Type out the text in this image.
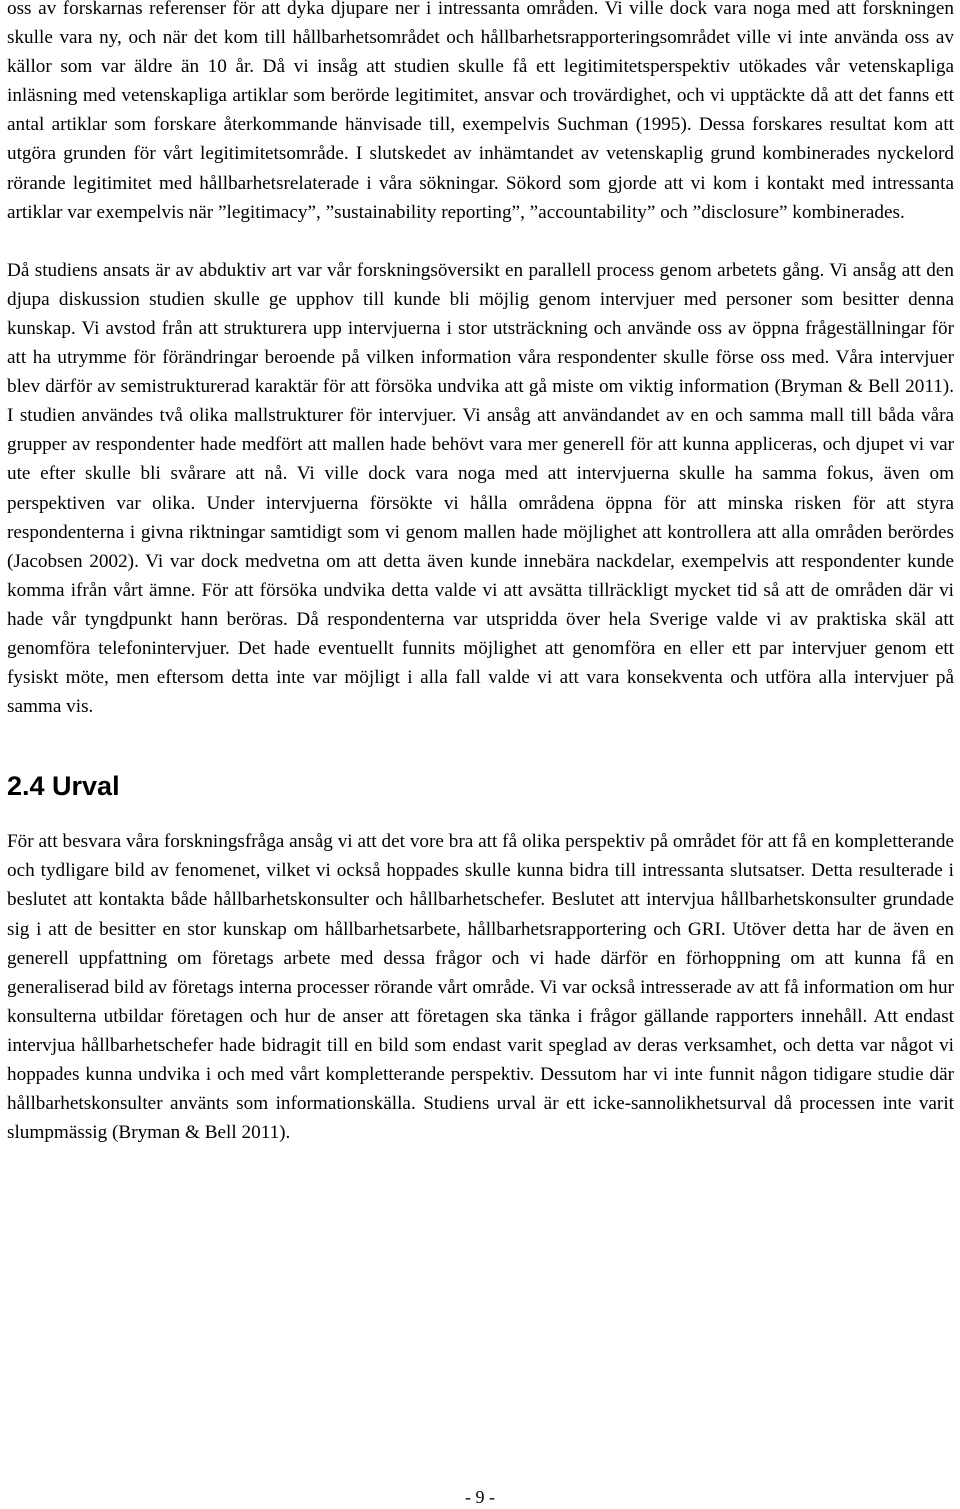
oss av forskarnas referenser för att dyka djupare ner i intressanta områden. Vi ville dock vara noga med att forskningen skulle vara ny, och när det kom till hållbarhetsområdet och hållbarhetsrapporteringsområdet ville vi inte använda oss av källor som var äldre än 10 år. Då vi insåg att studien skulle få ett legitimitetsperspektiv utökades vår vetenskapliga inläsning med vetenskapliga artiklar som berörde legitimitet, ansvar och trovärdighet, och vi upptäckte då att det fanns ett antal artiklar som forskare återkommande hänvisade till, exempelvis Suchman (1995). Dessa forskares resultat kom att utgöra grunden för vårt legitimitetsområde. I slutskedet av inhämtandet av vetenskaplig grund kombinerades nyckelord rörande legitimitet med hållbarhetsrelaterade i våra sökningar. Sökord som gjorde att vi kom i kontakt med intressanta artiklar var exempelvis när ”legitimacy”, ”sustainability reporting”, ”accountability” och ”disclosure” kombinerades.

Då studiens ansats är av abduktiv art var vår forskningsöversikt en parallell process genom arbetets gång. Vi ansåg att den djupa diskussion studien skulle ge upphov till kunde bli möjlig genom intervjuer med personer som besitter denna kunskap. Vi avstod från att strukturera upp intervjuerna i stor utsträckning och använde oss av öppna frågeställningar för att ha utrymme för förändringar beroende på vilken information våra respondenter skulle förse oss med. Våra intervjuer blev därför av semistrukturerad karaktär för att försöka undvika att gå miste om viktig information (Bryman & Bell 2011). I studien användes två olika mallstrukturer för intervjuer. Vi ansåg att användandet av en och samma mall till båda våra grupper av respondenter hade medfört att mallen hade behövt vara mer generell för att kunna appliceras, och djupet vi var ute efter skulle bli svårare att nå. Vi ville dock vara noga med att intervjuerna skulle ha samma fokus, även om perspektiven var olika. Under intervjuerna försökte vi hålla områdena öppna för att minska risken för att styra respondenterna i givna riktningar samtidigt som vi genom mallen hade möjlighet att kontrollera att alla områden berördes (Jacobsen 2002). Vi var dock medvetna om att detta även kunde innebära nackdelar, exempelvis att respondenter kunde komma ifrån vårt ämne. För att försöka undvika detta valde vi att avsätta tillräckligt mycket tid så att de områden där vi hade vår tyngdpunkt hann beröras. Då respondenterna var utspridda över hela Sverige valde vi av praktiska skäl att genomföra telefonintervjuer. Det hade eventuellt funnits möjlighet att genomföra en eller ett par intervjuer genom ett fysiskt möte, men eftersom detta inte var möjligt i alla fall valde vi att vara konsekventa och utföra alla intervjuer på samma vis.

2.4 Urval

För att besvara våra forskningsfråga ansåg vi att det vore bra att få olika perspektiv på området för att få en kompletterande och tydligare bild av fenomenet, vilket vi också hoppades skulle kunna bidra till intressanta slutsatser. Detta resulterade i beslutet att kontakta både hållbarhetskonsulter och hållbarhetschefer. Beslutet att intervjua hållbarhetskonsulter grundade sig i att de besitter en stor kunskap om hållbarhetsarbete, hållbarhetsrapportering och GRI. Utöver detta har de även en generell uppfattning om företags arbete med dessa frågor och vi hade därför en förhoppning om att kunna få en generaliserad bild av företags interna processer rörande vårt område. Vi var också intresserade av att få information om hur konsulterna utbildar företagen och hur de anser att företagen ska tänka i frågor gällande rapporters innehåll. Att endast intervjua hållbarhetschefer hade bidragit till en bild som endast varit speglad av deras verksamhet, och detta var något vi hoppades kunna undvika i och med vårt kompletterande perspektiv. Dessutom har vi inte funnit någon tidigare studie där hållbarhetskonsulter använts som informationskälla. Studiens urval är ett icke-sannolikhetsurval då processen inte varit slumpmässig (Bryman & Bell 2011).

- 9 -
